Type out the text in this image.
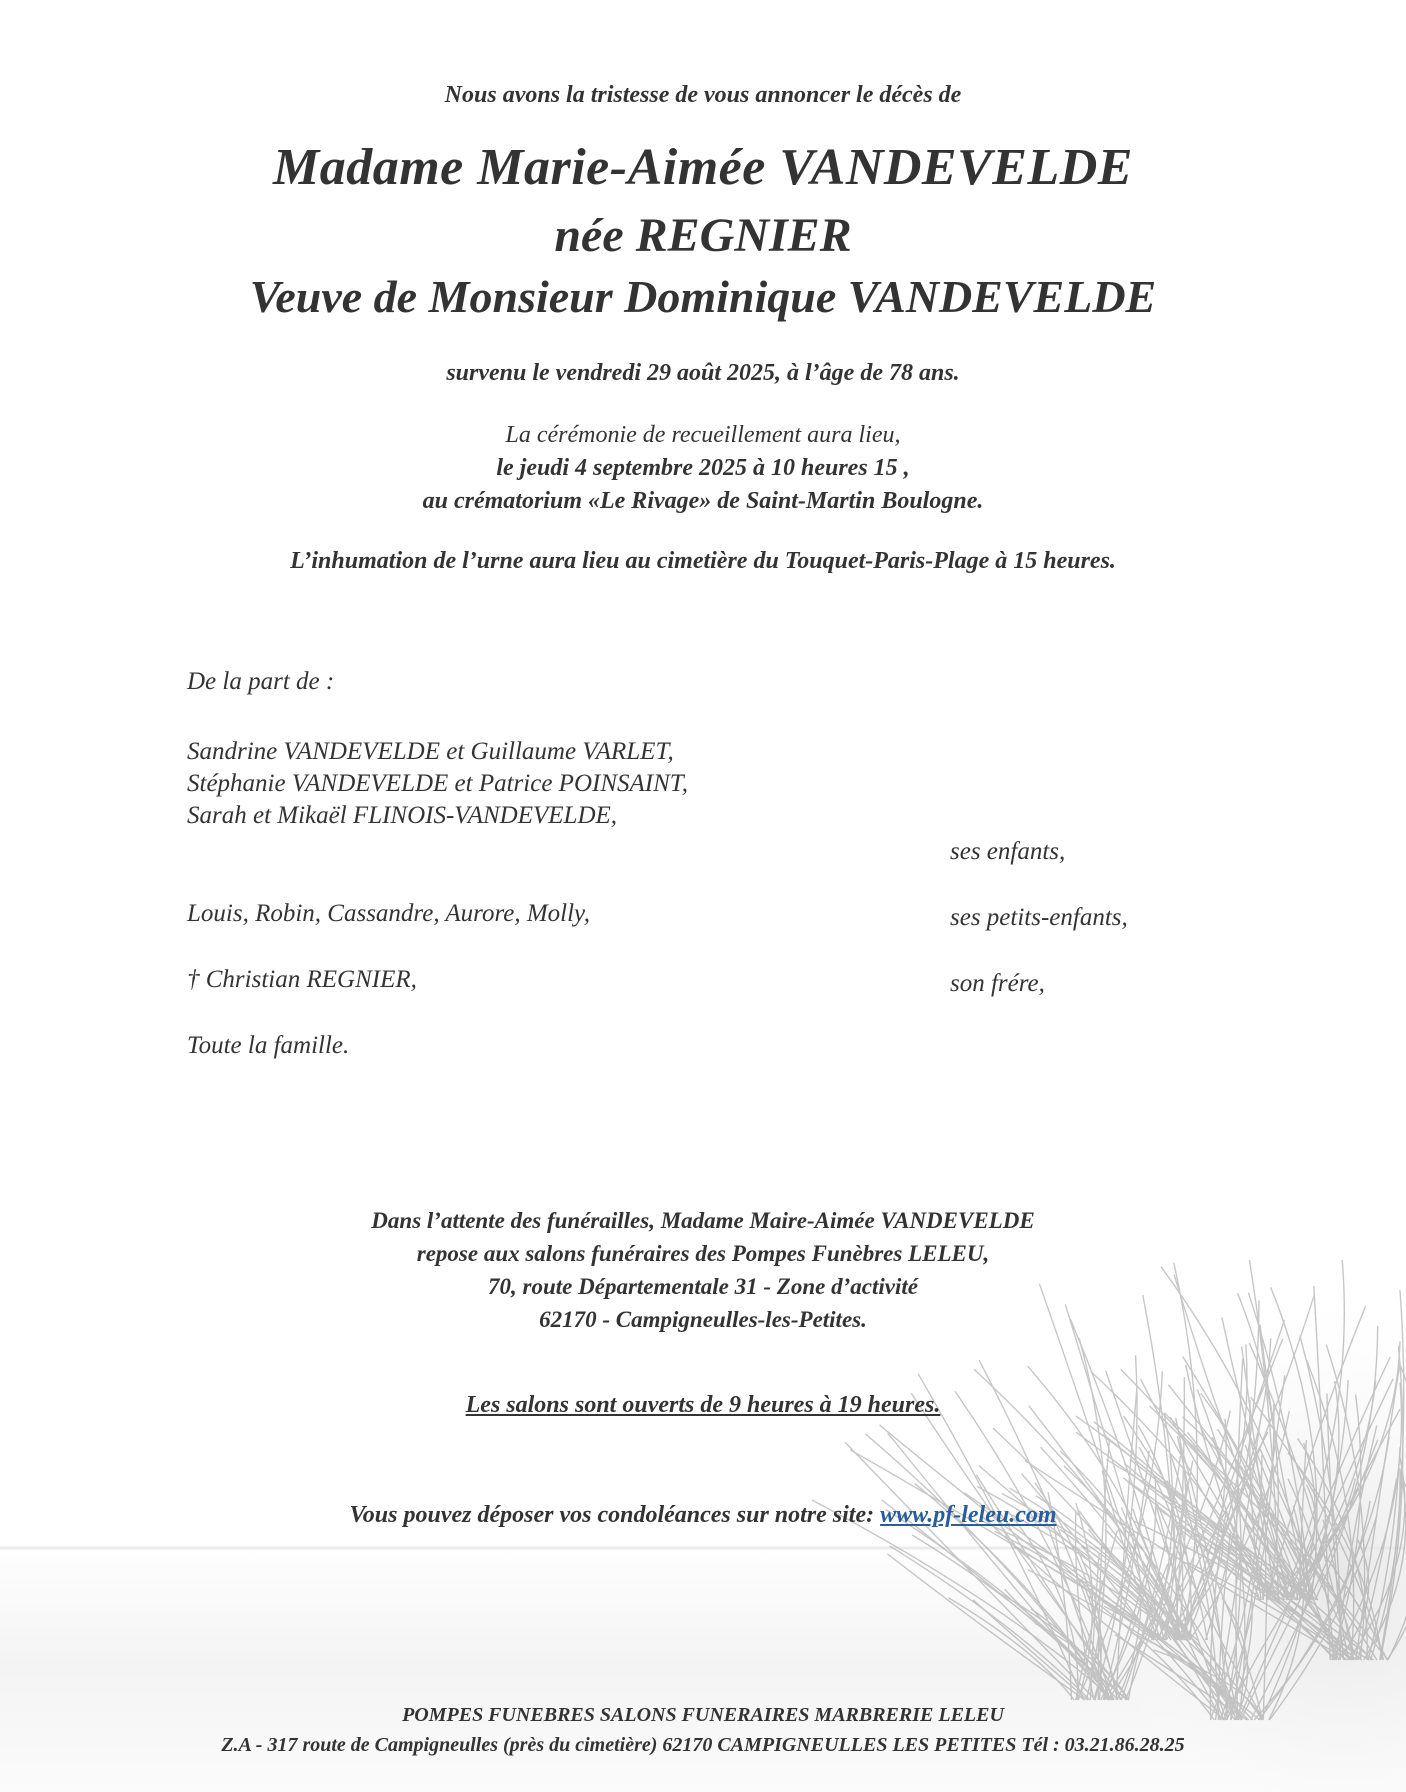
Nous avons la tristesse de vous annoncer le décès de
Madame Marie-Aimée VANDEVELDE
née REGNIER
Veuve de Monsieur Dominique VANDEVELDE
survenu le vendredi 29 août 2025, à l’âge de 78 ans.
La cérémonie de recueillement aura lieu,
le jeudi 4 septembre 2025 à 10 heures 15 ,
au crématorium «Le Rivage» de Saint-Martin Boulogne.
L’inhumation de l’urne aura lieu au cimetière du Touquet-Paris-Plage à 15 heures.
De la part de :
Sandrine VANDEVELDE et Guillaume VARLET,
Stéphanie VANDEVELDE et Patrice POINSAINT,
Sarah et Mikaël FLINOIS-VANDEVELDE,
ses enfants,
Louis, Robin, Cassandre, Aurore, Molly,	ses petits-enfants,
† Christian REGNIER,	son frére,
Toute la famille.
Dans l’attente des funérailles, Madame Maire-Aimée VANDEVELDE
repose aux salons funéraires des Pompes Funèbres LELEU,
70, route Départementale 31 - Zone d’activité
62170 - Campigneulles-les-Petites.
Les salons sont ouverts de 9 heures à 19 heures.
Vous pouvez déposer vos condoléances sur notre site: www.pf-leleu.com
POMPES FUNEBRES SALONS FUNERAIRES MARBRERIE LELEU
Z.A - 317 route de Campigneulles (près du cimetière) 62170 CAMPIGNEULLES LES PETITES Tél : 03.21.86.28.25
